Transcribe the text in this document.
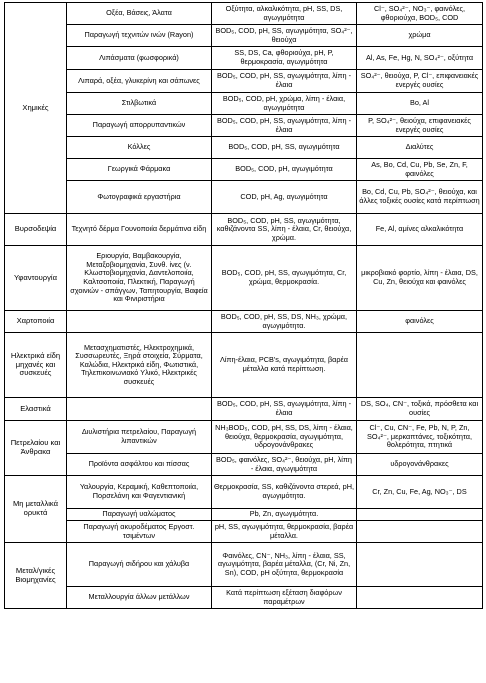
Χημικές	Οξέα, Βάσεις, Άλατα	Οξύτητα, αλκαλικότητα, pH, SS, DS, αγωγιμότητα	Cl⁻, SO₄²⁻, NO₃⁻, φαινόλες, φθοριούχα, BOD₅, COD
	Παραγωγή τεχνιτών ινών (Rayon)	BOD₅, COD, pH, SS, αγωγιμότητα, SO₄²⁻, θειούχα	χρώμα
	Λιπάσματα (φωσφορικά)	SS, DS, Ca, φθοριούχα, pH, P, θερμοκρασία, αγωγιμότητα	Al, As, Fe, Hg, N, SO₄²⁻, οξύτητα
	Λιπαρά, οξέα, γλυκερίνη και σάπωνες	BOD₅, COD, pH, SS, αγωγιμότητα, λίπη - έλαια	SO₄²⁻, θειούχα, P, Cl⁻, επιφανειακές ενεργές ουσίες
	Στιλβωτικά	BOD₅, COD, pH, χρώμα, λίπη - έλαια, αγωγιμότητα	Bo, Al
	Παραγωγή απορρυπαντικών	BOD₅, COD, pH, SS, αγωγιμότητα, λίπη - έλαια	P, SO₄²⁻, θειούχα, επιφανειακές ενεργές ουσίες
	Κόλλες	BOD₅, COD, pH, SS, αγωγιμότητα	Διαλύτες
	Γεωργικά Φάρμακα	BOD₅, COD, pH, αγωγιμότητα	As, Bo, Cd, Cu, Pb, Se, Zn, F, φαινόλες
	Φωτογραφικά εργαστήρια	COD, pH, Ag, αγωγιμότητα	Bo, Cd, Cu, Pb, SO₄²⁻, θειούχα, και άλλες τοξικές ουσίες κατά περίπτωση
Βυρσοδεψία	Τεχνητό δέρμα Γουνοποιία δερμάτινα είδη	BOD₅, COD, pH, SS, αγωγιμότητα, καθιζάνοντα SS, λίπη - έλαια, Cr, θειούχα, χρώμα.	Fe, Al, αμίνες αλκαλικότητα
Υφαντουργία	Εριουργία, Βαμβακουργία, Μεταξοβιομηχανία, Συνθ. ίνες (ν. Κλωστοβιομηχανία, Δαντελοποιία, Καλτσοποιία, Πλεκτική, Παραγωγή σχοινιών - σπάγγων, Ταπητουργία, Βαφεία και Φινιριστήρια	BOD₅, COD, pH, SS, αγωγιμότητα, Cr, χρώμα, θερμοκρασία.	μικροβιακό φορτίο, λίπη - έλαια, DS, Cu, Zn, θειούχα και φαινόλες
Χαρτοποιία		BOD₅, COD, pH, SS, DS, NH₃, χρώμα, αγωγιμότητα.	φαινόλες
Ηλεκτρικά είδη μηχανές και συσκευές	Μετασχηματιστές, Ηλεκτροχημικά, Συσσωρευτές, Ξηρά στοιχεία, Σύρματα, Καλώδια, Ηλεκτρικά είδη, Φωτιστικά, Τηλεπικοινωνιακό Υλικό, Ηλεκτρικές συσκευές	Λίπη-έλαια, PCB's, αγωγιμότητα, βαρέα μέταλλα κατά περίπτωση.	
Ελαστικά		BOD₅, COD, pH, SS, αγωγιμότητα, λίπη - έλαια	DS, SO₄, CN⁻, τοξικά, πρόσθετα και ουσίες
Πετρελαίου και Άνθρακα	Διυλιστήρια πετρελαίου, Παραγωγή λιπαντικών	NH₃BOD₅, COD, pH, SS, DS, λίπη - έλαια, θειούχα, θερμοκρασία, αγωγιμότητα, υδρογονάνθρακες	Cl⁻, Cu, CN⁻, Fe, Pb, N, P, Zn, SO₄²⁻, μερκαπτάνες, τοξικότητα, θολερότητα, πτητικά
	Προϊόντα ασφάλτου και πίσσας	BOD₅, φαινόλες, SO₄²⁻, θειούχα, pH, λίπη - έλαια, αγωγιμότητα	υδρογονάνθρακες
Μη μεταλλικά ορυκτά	Υαλουργία, Κεραμική, Καθεπτοποιία, Πορσελάνη και Φαγεντιανική	Θερμοκρασία, SS, καθιζάνοντα στερεά, pH, αγωγιμότητα.	Cr, Zn, Cu, Fe, Ag, NO₃⁻, DS
	Παραγωγή υαλώματος	Pb, Zn, αγωγιμότητα.	
	Παραγωγή ακυροδέματος Εργοστ. τσιμέντων	pH, SS, αγωγιμότητα, θερμοκρασία, βαρέα μέταλλα.	
Μεταλ/γικές Βιομηχανίες	Παραγωγή σιδήρου και χάλυβα	Φαινόλες, CN⁻, NH₃, λίπη - έλαια, SS, αγωγιμότητα, βαρέα μέταλλα, (Cr, Ni, Zn, Sn), COD, pH οξύτητα, θερμοκρασία	
	Μεταλλουργία άλλων μετάλλων	Κατά περίπτωση εξέταση διαφόρων παραμέτρων	
